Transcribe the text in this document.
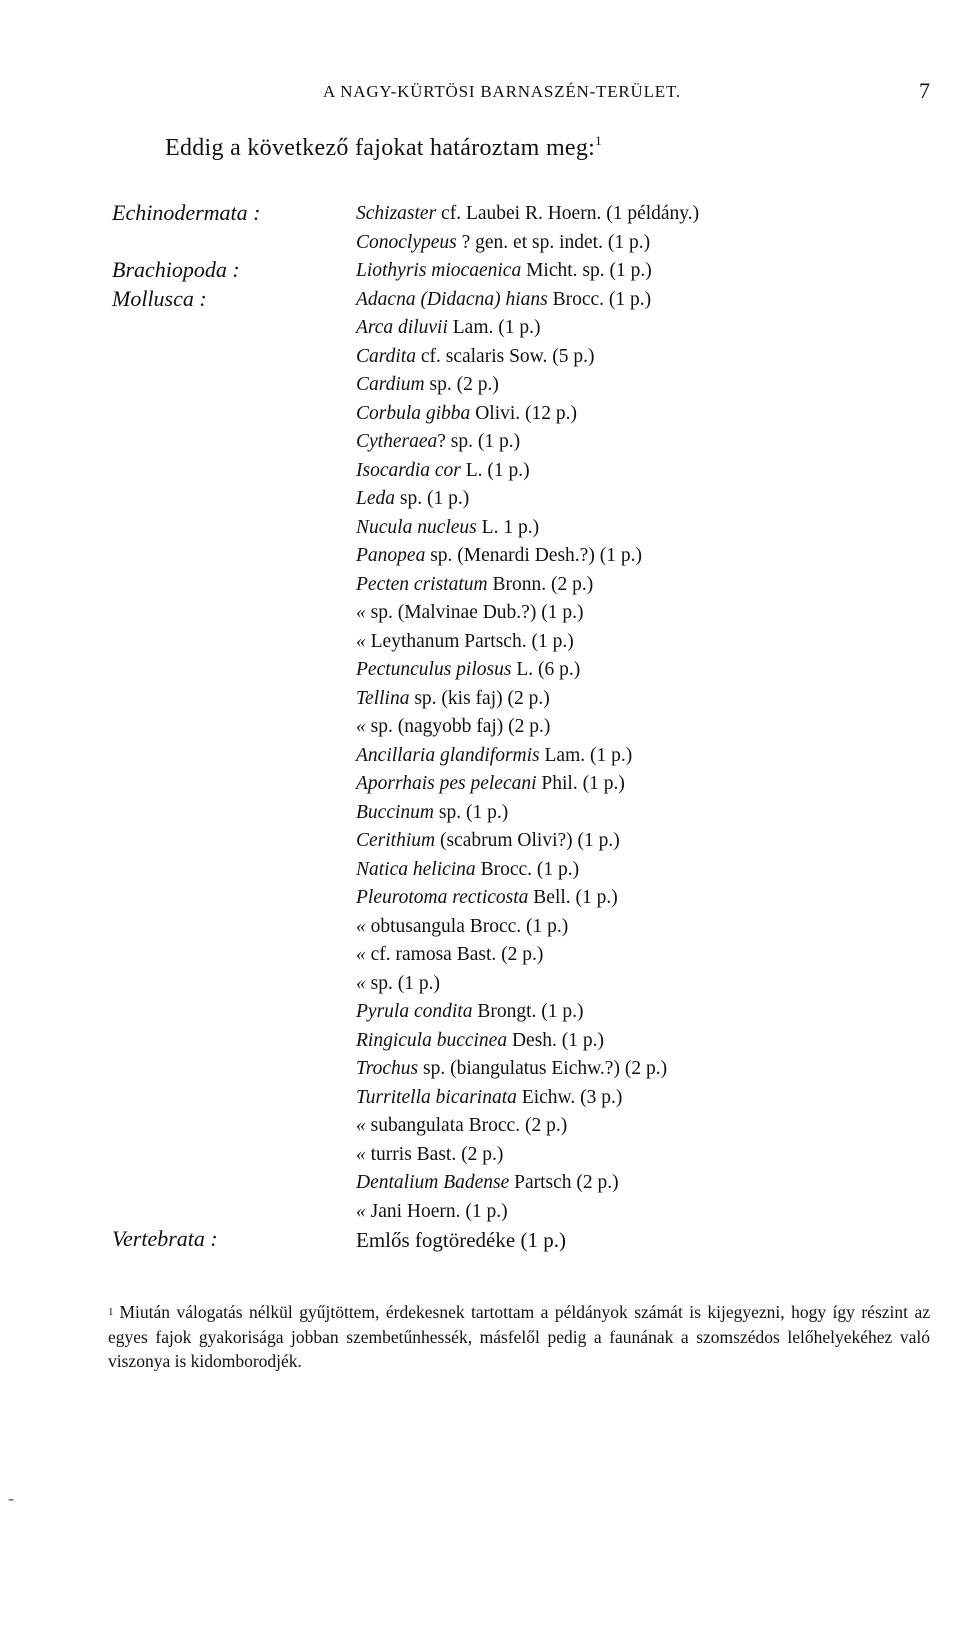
A NAGY-KÜRTÖSI BARNASZÉN-TERÜLET.	7
Eddig a következő fajokat határoztam meg:$^1$
Echinodermata :
Brachiopoda :
Mollusca :
Vertebrata :
Schizaster cf. Laubei R. Hoern. (1 példány.)
Conoclypeus ? gen. et sp. indet. (1 p.)
Liothyris miocaenica Micht. sp. (1 p.)
Adacna (Didacna) hians Brocc. (1 p.)
Arca diluvii Lam. (1 p.)
Cardita cf. scalaris Sow. (5 p.)
Cardium sp. (2 p.)
Corbula gibba Olivi. (12 p.)
Cytheraea? sp. (1 p.)
Isocardia cor L. (1 p.)
Leda sp. (1 p.)
Nucula nucleus L. 1 p.)
Panopea sp. (Menardi Desh.?) (1 p.)
Pecten cristatum Bronn. (2 p.)
« sp. (Malvinae Dub.?) (1 p.)
« Leythanum Partsch. (1 p.)
Pectunculus pilosus L. (6 p.)
Tellina sp. (kis faj) (2 p.)
« sp. (nagyobb faj) (2 p.)
Ancillaria glandiformis Lam. (1 p.)
Aporrhais pes pelecani Phil. (1 p.)
Buccinum sp. (1 p.)
Cerithium (scabrum Olivi?) (1 p.)
Natica helicina Brocc. (1 p.)
Pleurotoma recticosta Bell. (1 p.)
« obtusangula Brocc. (1 p.)
« cf. ramosa Bast. (2 p.)
« sp. (1 p.)
Pyrula condita Brongt. (1 p.)
Ringicula buccinea Desh. (1 p.)
Trochus sp. (biangulatus Eichw.?) (2 p.)
Turritella bicarinata Eichw. (3 p.)
« subangulata Brocc. (2 p.)
« turris Bast. (2 p.)
Dentalium Badense Partsch (2 p.)
« Jani Hoern. (1 p.)
Emlős fogtöredéke (1 p.)

$^1$ Miután válogatás nélkül gyűjtöttem, érdekesnek tartottam a példányok számát is kijegyezni, hogy így részint az egyes fajok gyakorisága jobban szembetűnhessék, másfelől pedig a faunának a szomszédos lelőhelyekéhez való viszonya is kidomborodjék.

-
